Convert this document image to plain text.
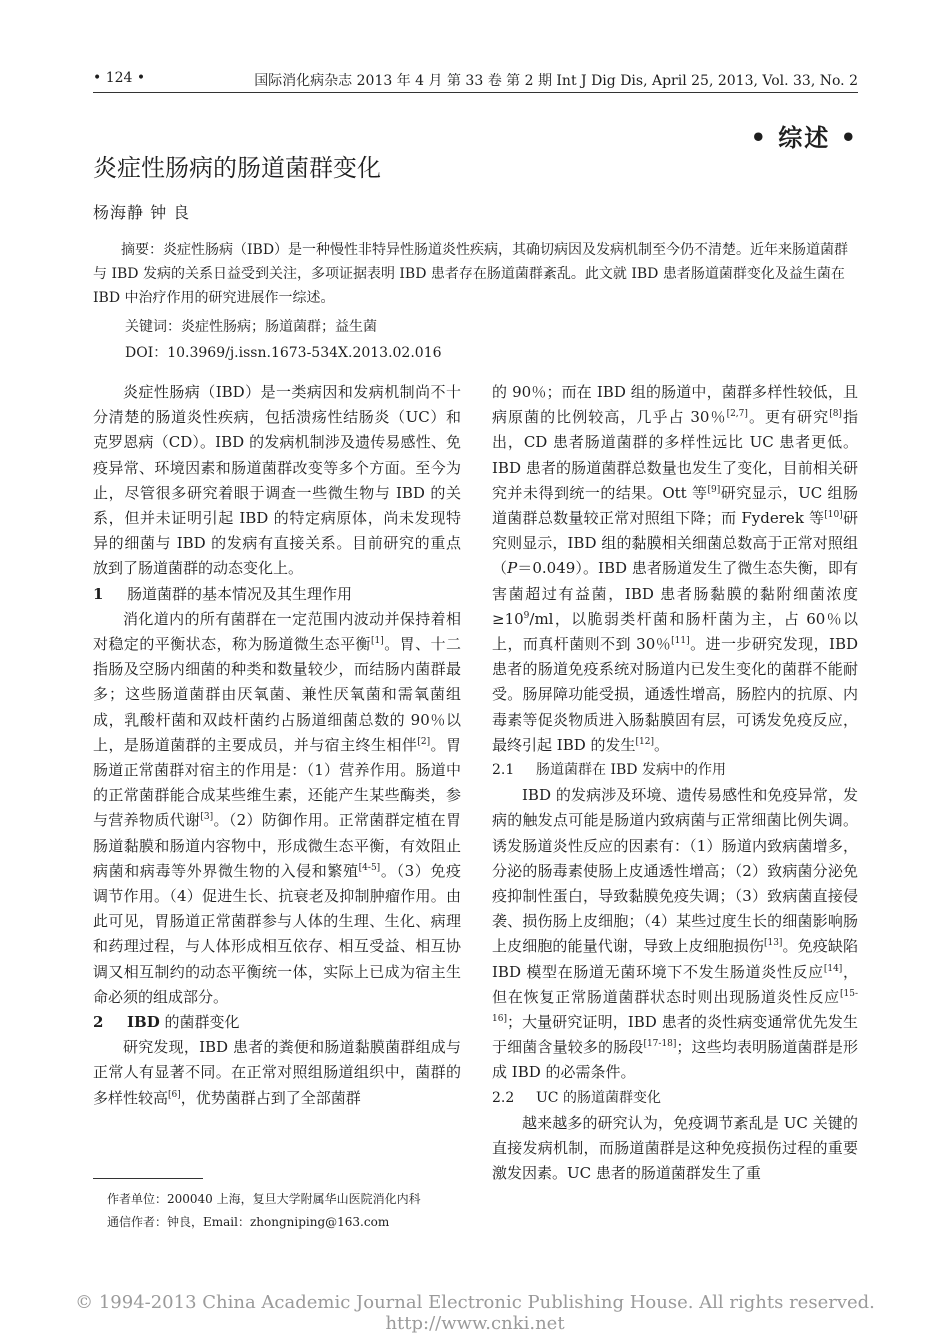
• 124 •	国际消化病杂志 2013 年 4 月 第 33 卷 第 2 期 Int J Dig Dis, April 25, 2013, Vol. 33, No. 2
• 综述 •
炎症性肠病的肠道菌群变化
杨海静 钟 良

摘要：炎症性肠病（IBD）是一种慢性非特异性肠道炎性疾病，其确切病因及发病机制至今仍不清楚。近年来肠道菌群与 IBD 发病的关系日益受到关注，多项证据表明 IBD 患者存在肠道菌群紊乱。此文就 IBD 患者肠道菌群变化及益生菌在 IBD 中治疗作用的研究进展作一综述。

关键词：炎症性肠病；肠道菌群；益生菌
DOI：10.3969/j.issn.1673-534X.2013.02.016

炎症性肠病（IBD）是一类病因和发病机制尚不十分清楚的肠道炎性疾病，包括溃疡性结肠炎（UC）和克罗恩病（CD）。IBD 的发病机制涉及遗传易感性、免疫异常、环境因素和肠道菌群改变等多个方面。至今为止，尽管很多研究着眼于调查一些微生物与 IBD 的关系，但并未证明引起 IBD 的特定病原体，尚未发现特异的细菌与 IBD 的发病有直接关系。目前研究的重点放到了肠道菌群的动态变化上。

1 肠道菌群的基本情况及其生理作用

消化道内的所有菌群在一定范围内波动并保持着相对稳定的平衡状态，称为肠道微生态平衡[1]。胃、十二指肠及空肠内细菌的种类和数量较少，而结肠内菌群最多；这些肠道菌群由厌氧菌、兼性厌氧菌和需氧菌组成，乳酸杆菌和双歧杆菌约占肠道细菌总数的 90％以上，是肠道菌群的主要成员，并与宿主终生相伴[2]。胃肠道正常菌群对宿主的作用是：（1）营养作用。肠道中的正常菌群能合成某些维生素，还能产生某些酶类，参与营养物质代谢[3]。（2）防御作用。正常菌群定植在胃肠道黏膜和肠道内容物中，形成微生态平衡，有效阻止病菌和病毒等外界微生物的入侵和繁殖[4-5]。（3）免疫调节作用。（4）促进生长、抗衰老及抑制肿瘤作用。由此可见，胃肠道正常菌群参与人体的生理、生化、病理和药理过程，与人体形成相互依存、相互受益、相互协调又相互制约的动态平衡统一体，实际上已成为宿主生命必须的组成部分。

2 IBD 的菌群变化

研究发现，IBD 患者的粪便和肠道黏膜菌群组成与正常人有显著不同。在正常对照组肠道组织中，菌群的多样性较高[6]，优势菌群占到了全部菌群

的 90％；而在 IBD 组的肠道中，菌群多样性较低，且病原菌的比例较高，几乎占 30％[2,7]。更有研究[8]指出，CD 患者肠道菌群的多样性远比 UC 患者更低。IBD 患者的肠道菌群总数量也发生了变化，目前相关研究并未得到统一的结果。Ott 等[9]研究显示，UC 组肠道菌群总数量较正常对照组下降；而 Fyderek 等[10]研究则显示，IBD 组的黏膜相关细菌总数高于正常对照组（P＝0.049）。IBD 患者肠道发生了微生态失衡，即有害菌超过有益菌，IBD 患者肠黏膜的黏附细菌浓度$\ge 10^9/ml$，以脆弱类杆菌和肠杆菌为主，占 60％以上，而真杆菌则不到 30％[11]。进一步研究发现，IBD 患者的肠道免疫系统对肠道内已发生变化的菌群不能耐受。肠屏障功能受损，通透性增高，肠腔内的抗原、内毒素等促炎物质进入肠黏膜固有层，可诱发免疫反应，最终引起 IBD 的发生[12]。

2.1 肠道菌群在 IBD 发病中的作用

IBD 的发病涉及环境、遗传易感性和免疫异常，发病的触发点可能是肠道内致病菌与正常细菌比例失调。诱发肠道炎性反应的因素有：（1）肠道内致病菌增多，分泌的肠毒素使肠上皮通透性增高；（2）致病菌分泌免疫抑制性蛋白，导致黏膜免疫失调；（3）致病菌直接侵袭、损伤肠上皮细胞；（4）某些过度生长的细菌影响肠上皮细胞的能量代谢，导致上皮细胞损伤[13]。免疫缺陷 IBD 模型在肠道无菌环境下不发生肠道炎性反应[14]，但在恢复正常肠道菌群状态时则出现肠道炎性反应[15-16]；大量研究证明，IBD 患者的炎性病变通常优先发生于细菌含量较多的肠段[17-18]；这些均表明肠道菌群是形成 IBD 的必需条件。

2.2 UC 的肠道菌群变化

越来越多的研究认为，免疫调节紊乱是 UC 关键的直接发病机制，而肠道菌群是这种免疫损伤过程的重要激发因素。UC 患者的肠道菌群发生了重

作者单位：200040 上海，复旦大学附属华山医院消化内科
通信作者：钟良，Email：zhongniping@163.com
© 1994-2013 China Academic Journal Electronic Publishing House. All rights reserved. http://www.cnki.net
